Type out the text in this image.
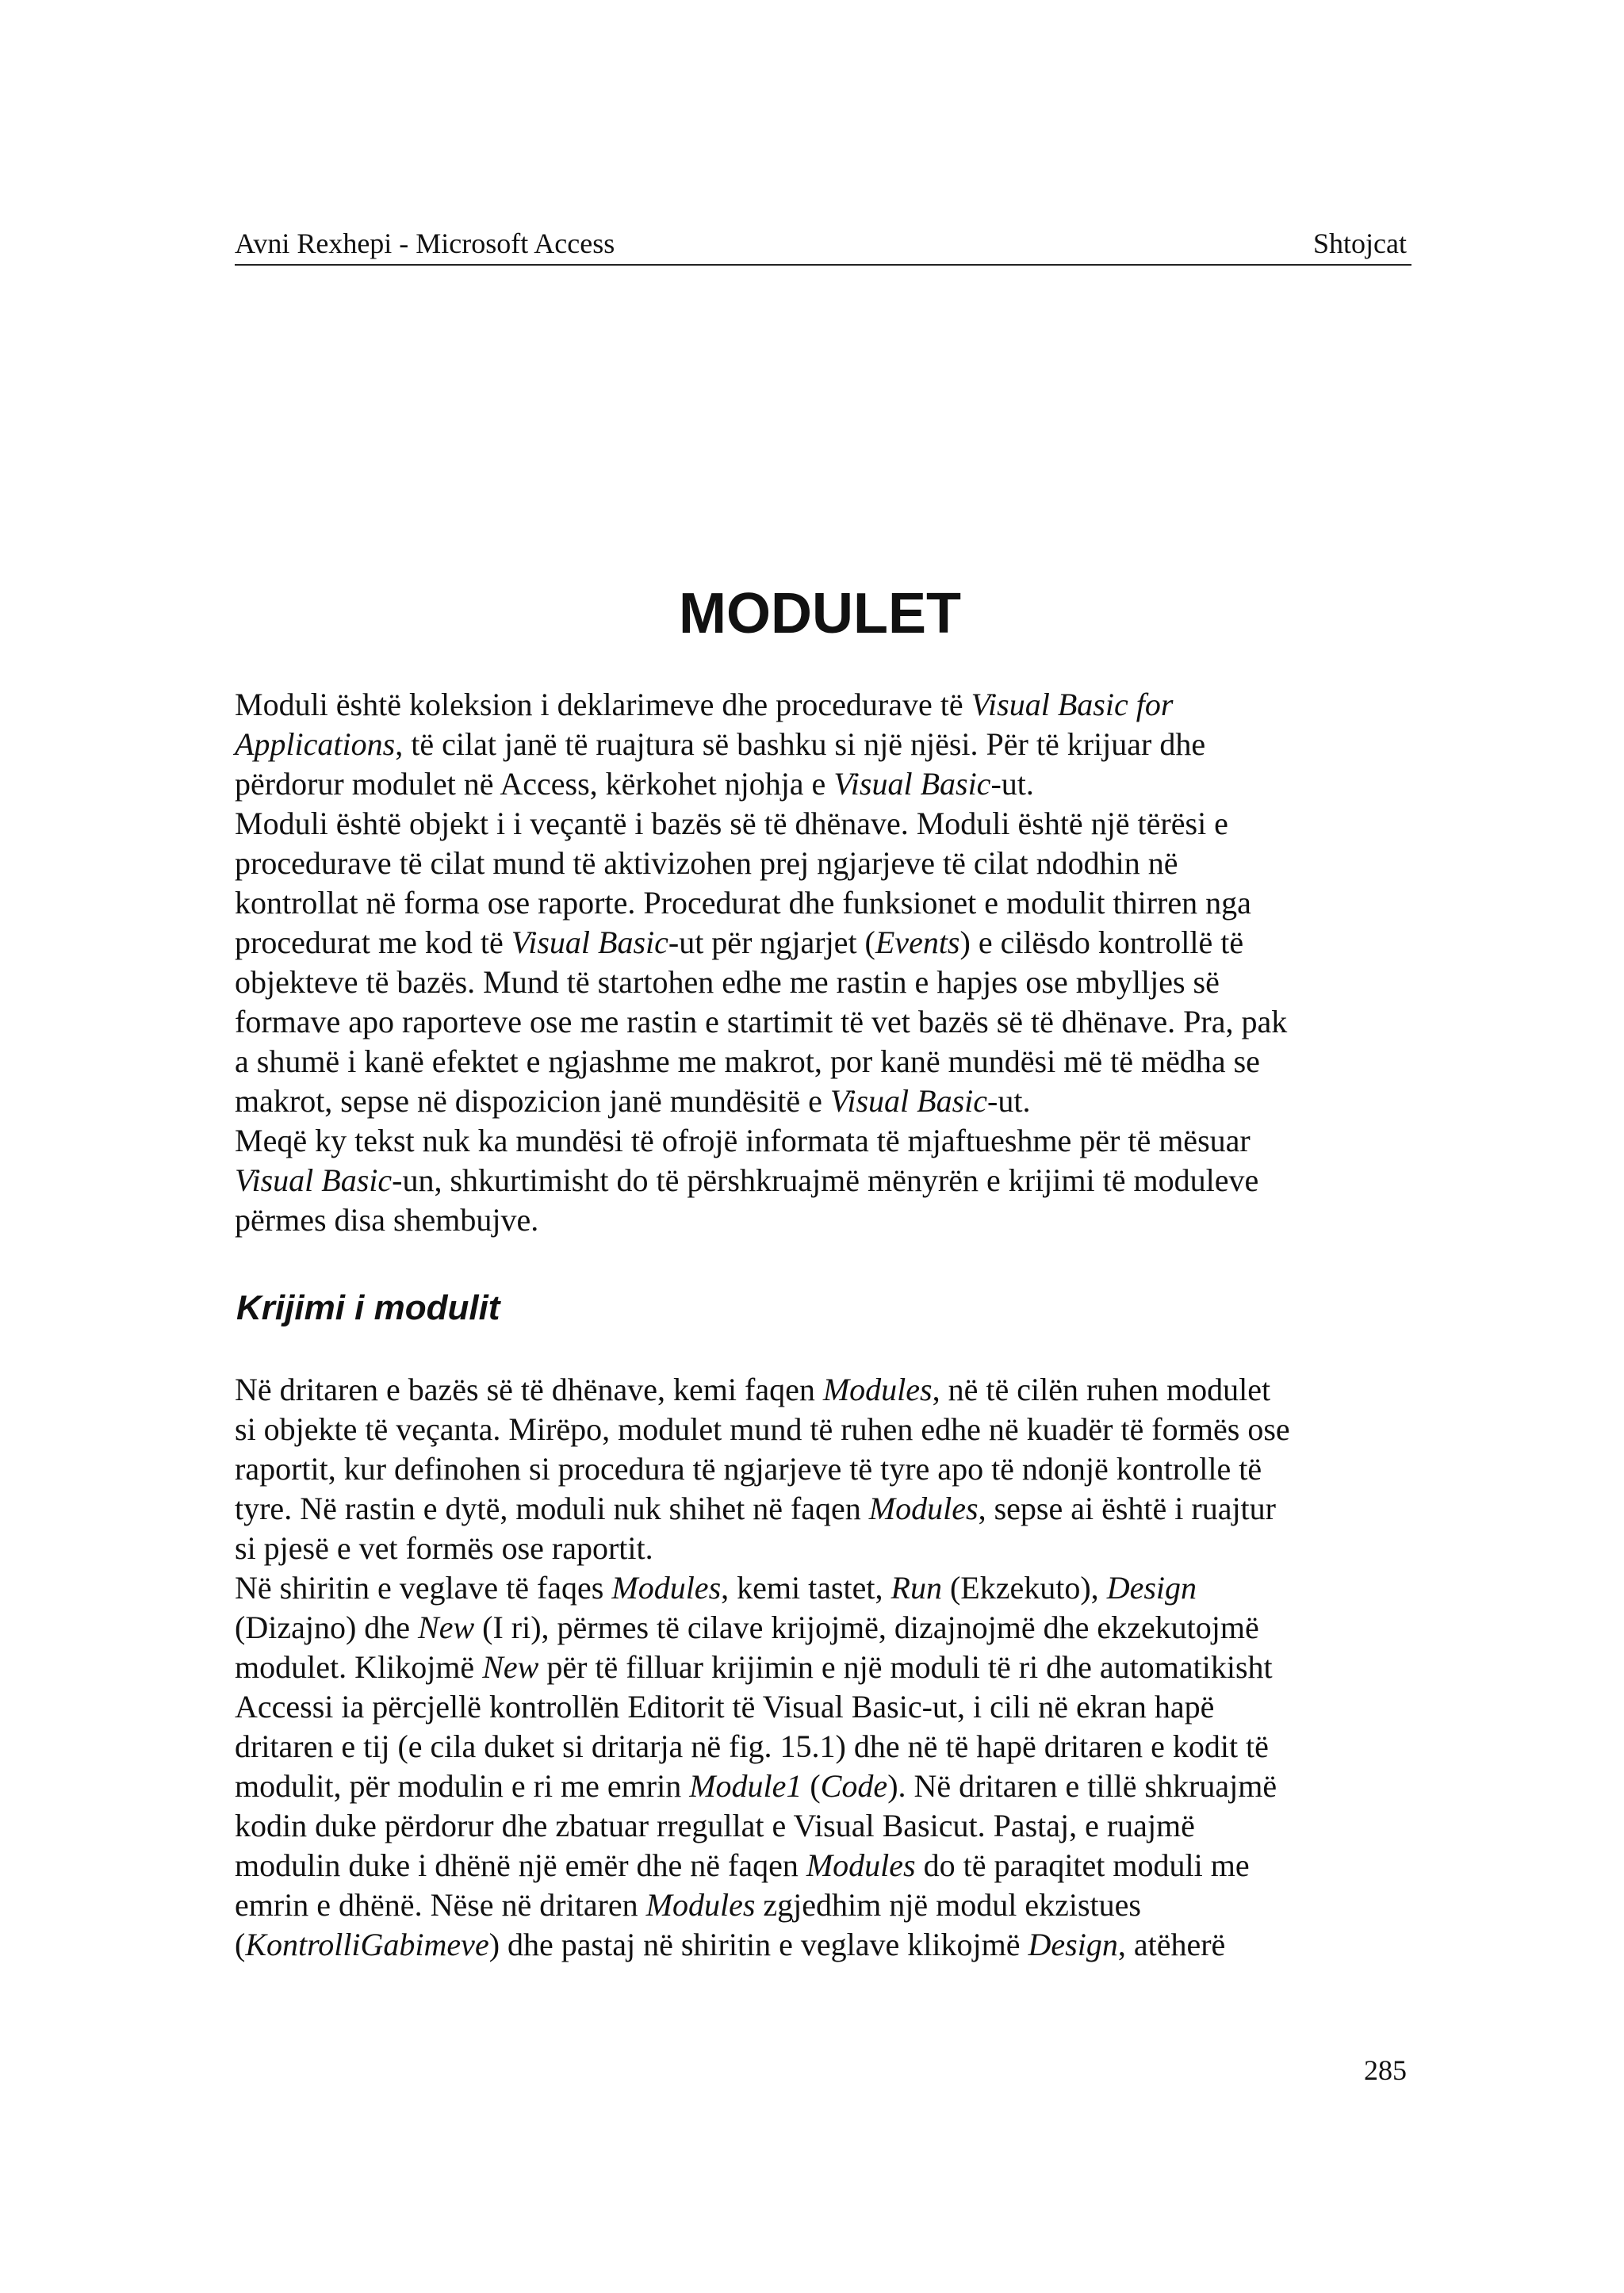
Avni Rexhepi - Microsoft Access	Shtojcat
MODULET

Moduli është koleksion i deklarimeve dhe procedurave të Visual Basic for

Applications, të cilat janë të ruajtura së bashku si një njësi. Për të krijuar dhe

përdorur modulet në Access, kërkohet njohja e Visual Basic-ut.

Moduli është objekt i i veçantë i bazës së të dhënave. Moduli është një tërësi e

procedurave të cilat mund të aktivizohen prej ngjarjeve të cilat ndodhin në

kontrollat në forma ose raporte. Procedurat dhe funksionet e modulit thirren nga

procedurat me kod të Visual Basic-ut për ngjarjet (Events) e cilësdo kontrollë të

objekteve të bazës. Mund të startohen edhe me rastin e hapjes ose mbylljes së

formave apo raporteve ose me rastin e startimit të vet bazës së të dhënave. Pra, pak

a shumë i kanë efektet e ngjashme me makrot, por kanë mundësi më të mëdha se

makrot, sepse në dispozicion janë mundësitë e Visual Basic-ut.

Meqë ky tekst nuk ka mundësi të ofrojë informata të mjaftueshme për të mësuar

Visual Basic-un, shkurtimisht do të përshkruajmë mënyrën e krijimi të moduleve

përmes disa shembujve.

Krijimi i modulit

Në dritaren e bazës së të dhënave, kemi faqen Modules, në të cilën ruhen modulet

si objekte të veçanta. Mirëpo, modulet mund të ruhen edhe në kuadër të formës ose

raportit, kur definohen si procedura të ngjarjeve të tyre apo të ndonjë kontrolle të

tyre. Në rastin e dytë, moduli nuk shihet në faqen Modules, sepse ai është i ruajtur

si pjesë e vet formës ose raportit.

Në shiritin e veglave të faqes Modules, kemi tastet, Run (Ekzekuto), Design

(Dizajno) dhe New (I ri), përmes të cilave krijojmë, dizajnojmë dhe ekzekutojmë

modulet. Klikojmë New për të filluar krijimin e një moduli të ri dhe automatikisht

Accessi ia përcjellë kontrollën Editorit të Visual Basic-ut, i cili në ekran hapë

dritaren e tij (e cila duket si dritarja në fig. 15.1) dhe në të hapë dritaren e kodit të

modulit, për modulin e ri me emrin Module1 (Code). Në dritaren e tillë shkruajmë

kodin duke përdorur dhe zbatuar rregullat e Visual Basicut. Pastaj, e ruajmë

modulin duke i dhënë një emër dhe në faqen Modules do të paraqitet moduli me

emrin e dhënë. Nëse në dritaren Modules zgjedhim një modul ekzistues

(KontrolliGabimeve) dhe pastaj në shiritin e veglave klikojmë Design, atëherë

285
